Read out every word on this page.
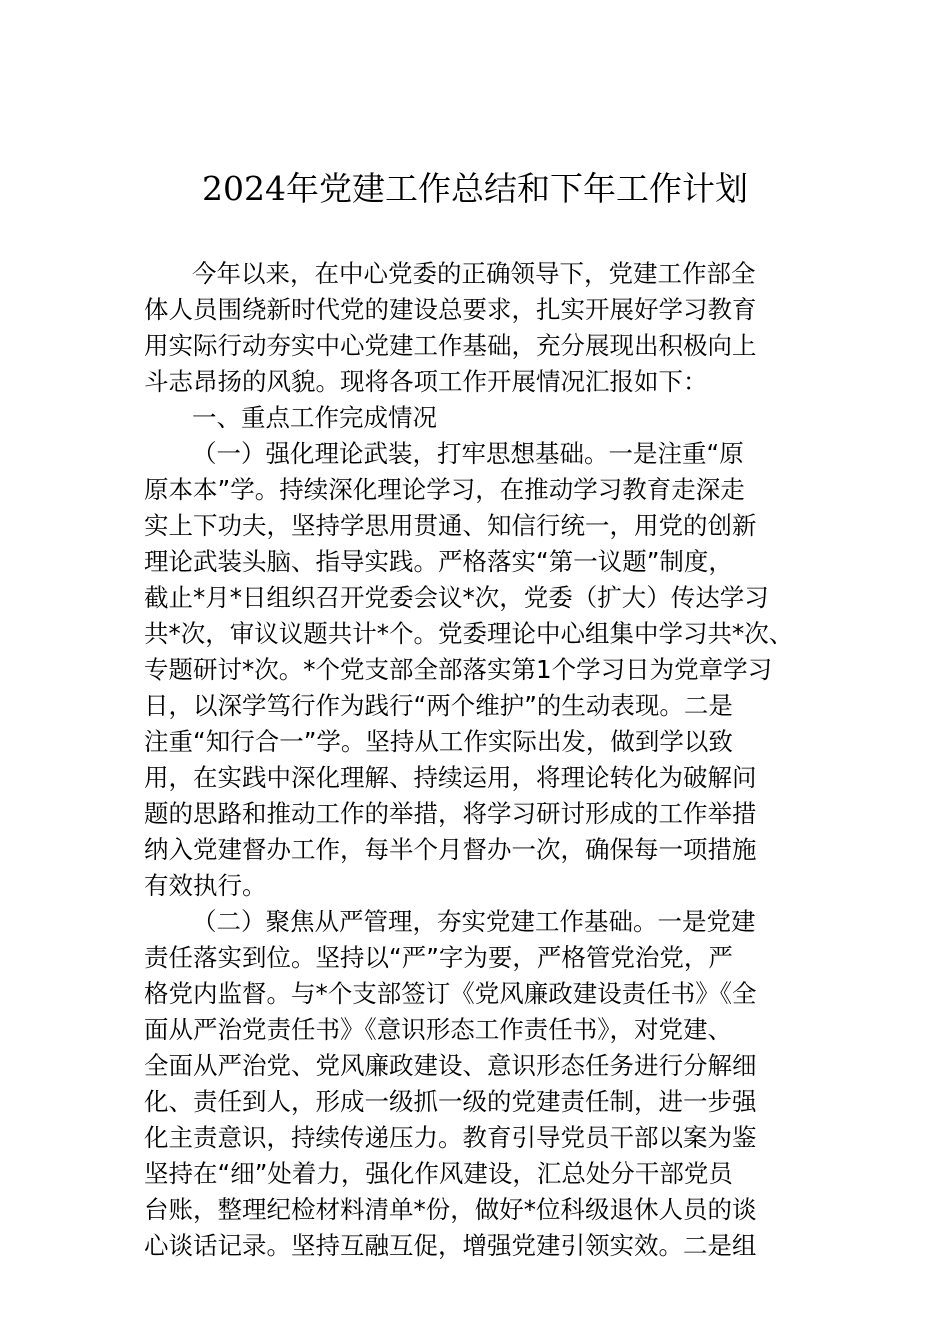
2024年党建工作总结和下年工作计划
今年以来，在中心党委的正确领导下，党建工作部全
体人员围绕新时代党的建设总要求，扎实开展好学习教育
用实际行动夯实中心党建工作基础，充分展现出积极向上
斗志昂扬的风貌。现将各项工作开展情况汇报如下：
一、重点工作完成情况
（一）强化理论武装，打牢思想基础。一是注重“原
原本本”学。持续深化理论学习，在推动学习教育走深走
实上下功夫，坚持学思用贯通、知信行统一，用党的创新
理论武装头脑、指导实践。严格落实“第一议题”制度，
截止*月*日组织召开党委会议*次，党委（扩大）传达学习
共*次，审议议题共计*个。党委理论中心组集中学习共*次、
专题研讨*次。*个党支部全部落实第1个学习日为党章学习
日，以深学笃行作为践行“两个维护”的生动表现。二是
注重“知行合一”学。坚持从工作实际出发，做到学以致
用，在实践中深化理解、持续运用，将理论转化为破解问
题的思路和推动工作的举措，将学习研讨形成的工作举措
纳入党建督办工作，每半个月督办一次，确保每一项措施
有效执行。
（二）聚焦从严管理，夯实党建工作基础。一是党建
责任落实到位。坚持以“严”字为要，严格管党治党，严
格党内监督。与*个支部签订《党风廉政建设责任书》《全
面从严治党责任书》《意识形态工作责任书》，对党建、
全面从严治党、党风廉政建设、意识形态任务进行分解细
化、责任到人，形成一级抓一级的党建责任制，进一步强
化主责意识，持续传递压力。教育引导党员干部以案为鉴
坚持在“细”处着力，强化作风建设，汇总处分干部党员
台账，整理纪检材料清单*份，做好*位科级退休人员的谈
心谈话记录。坚持互融互促，增强党建引领实效。二是组
